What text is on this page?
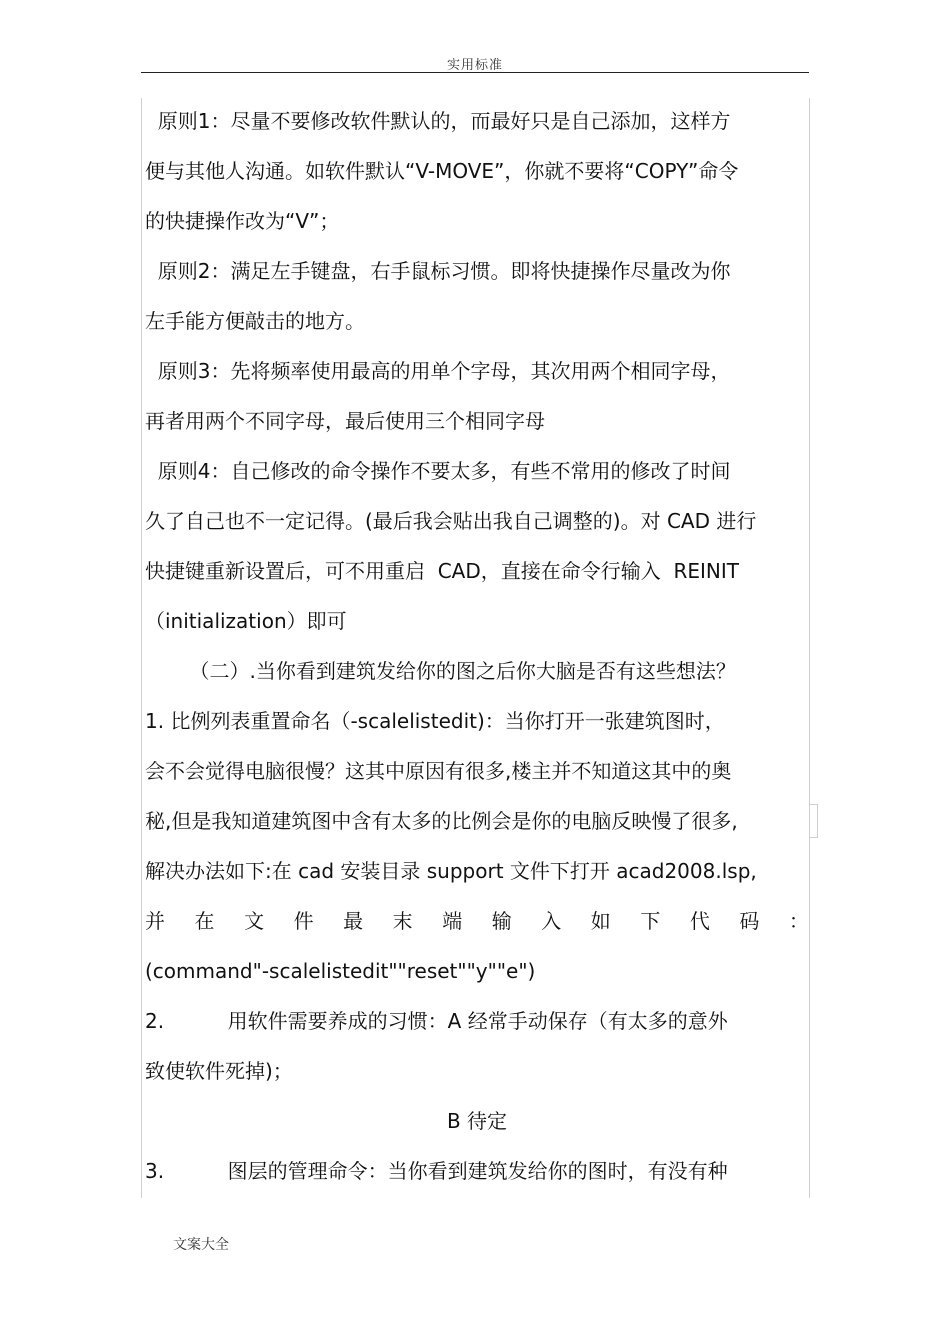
实用标准
原则1：尽量不要修改软件默认的，而最好只是自己添加，这样方
便与其他人沟通。如软件默认“V-MOVE”，你就不要将“COPY”命令
的快捷操作改为“V”；
原则2：满足左手键盘，右手鼠标习惯。即将快捷操作尽量改为你
左手能方便敲击的地方。
原则3：先将频率使用最高的用单个字母，其次用两个相同字母，
再者用两个不同字母，最后使用三个相同字母
原则4：自己修改的命令操作不要太多，有些不常用的修改了时间
久了自己也不一定记得。(最后我会贴出我自己调整的)。对 CAD 进行
快捷键重新设置后，可不用重启  CAD，直接在命令行输入  REINIT
（initialization）即可
（二）.当你看到建筑发给你的图之后你大脑是否有这些想法？
1. 比例列表重置命名（-scalelistedit)：当你打开一张建筑图时，
会不会觉得电脑很慢？这其中原因有很多,楼主并不知道这其中的奥
秘,但是我知道建筑图中含有太多的比例会是你的电脑反映慢了很多,
解决办法如下:在 cad 安装目录 support 文件下打开 acad2008.lsp,
并 在 文 件 最 末 端 输 入 如 下 代 码 ：
(command"-scalelistedit""reset""y""e")
2.          用软件需要养成的习惯：A 经常手动保存（有太多的意外
致使软件死掉)；
B 待定
3.          图层的管理命令：当你看到建筑发给你的图时，有没有种
文案大全
